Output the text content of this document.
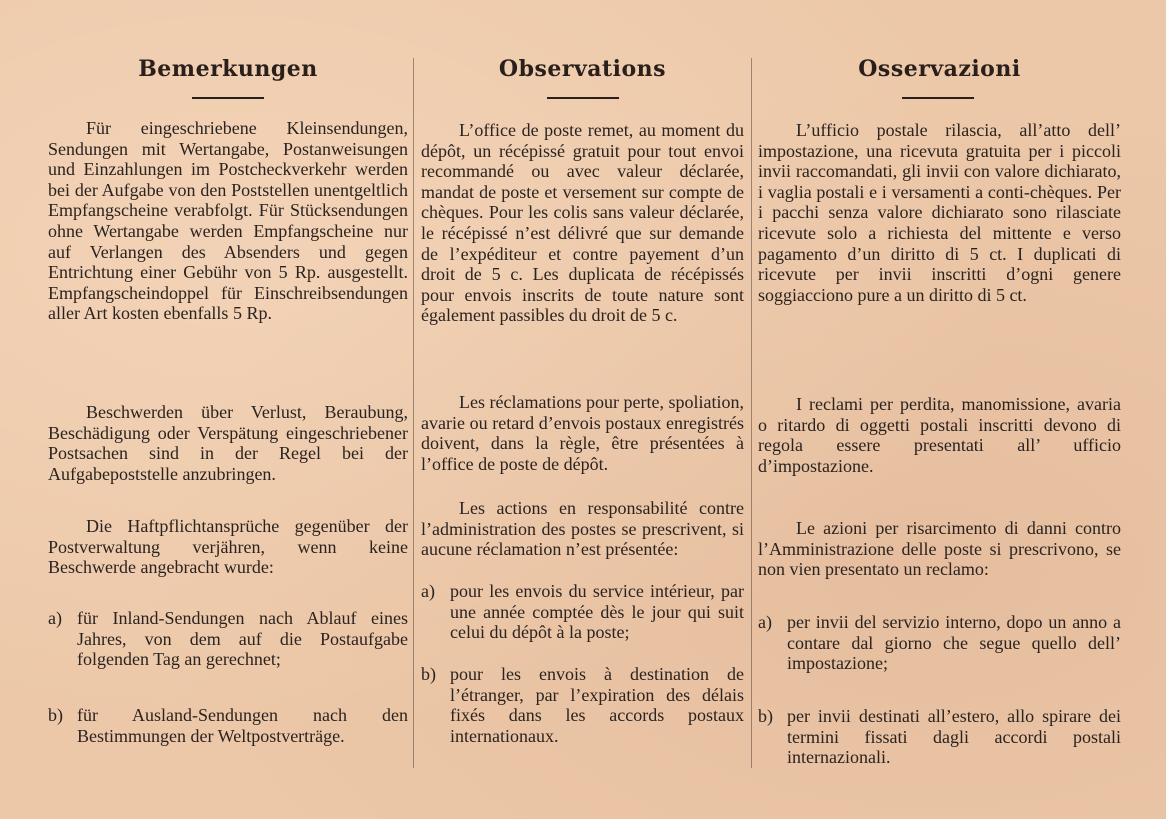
Bemerkungen

Für eingeschriebene Kleinsendungen, Sendungen mit Wertangabe, Postanweisungen und Einzahlungen im Postcheckverkehr werden bei der Aufgabe von den Poststellen unentgeltlich Empfangscheine verabfolgt. Für Stücksendungen ohne Wertangabe werden Empfangscheine nur auf Verlangen des Absenders und gegen Entrichtung einer Gebühr von 5 Rp. ausgestellt. Empfangscheindoppel für Einschreibsendungen aller Art kosten ebenfalls 5 Rp.

Beschwerden über Verlust, Beraubung, Beschädigung oder Verspätung eingeschriebener Postsachen sind in der Regel bei der Aufgabepoststelle anzubringen.

Die Haftpflichtansprüche gegenüber der Postverwaltung verjähren, wenn keine Beschwerde angebracht wurde:

a) für Inland-Sendungen nach Ablauf eines Jahres, von dem auf die Postaufgabe folgenden Tag an gerechnet;
b) für Ausland-Sendungen nach den Bestimmungen der Weltpostverträge.
Observations

L’office de poste remet, au moment du dépôt, un récépissé gratuit pour tout envoi recommandé ou avec valeur déclarée, mandat de poste et versement sur compte de chèques. Pour les colis sans valeur déclarée, le récépissé n’est délivré que sur demande de l’expéditeur et contre payement d’un droit de 5 c. Les duplicata de récépissés pour envois inscrits de toute nature sont également passibles du droit de 5 c.

Les réclamations pour perte, spoliation, avarie ou retard d’envois postaux enregistrés doivent, dans la règle, être présentées à l’office de poste de dépôt.

Les actions en responsabilité contre l’administration des postes se prescrivent, si aucune réclamation n’est présentée:

a) pour les envois du service intérieur, par une année comptée dès le jour qui suit celui du dépôt à la poste;
b) pour les envois à destination de l’étranger, par l’expiration des délais fixés dans les accords postaux internationaux.
Osservazioni

L’ufficio postale rilascia, all’atto dell’ impostazione, una ricevuta gratuita per i piccoli invii raccomandati, gli invii con valore dichiarato, i vaglia postali e i versamenti a conti-chèques. Per i pacchi senza valore dichiarato sono rilasciate ricevute solo a richiesta del mittente e verso pagamento d’un diritto di 5 ct. I duplicati di ricevute per invii inscritti d’ogni genere soggiacciono pure a un diritto di 5 ct.

I reclami per perdita, manomissione, avaria o ritardo di oggetti postali inscritti devono di regola essere presentati all’ ufficio d’impostazione.

Le azioni per risarcimento di danni contro l’Amministrazione delle poste si prescrivono, se non vien presentato un reclamo:

a) per invii del servizio interno, dopo un anno a contare dal giorno che segue quello dell’ impostazione;
b) per invii destinati all’estero, allo spirare dei termini fissati dagli accordi postali internazionali.
